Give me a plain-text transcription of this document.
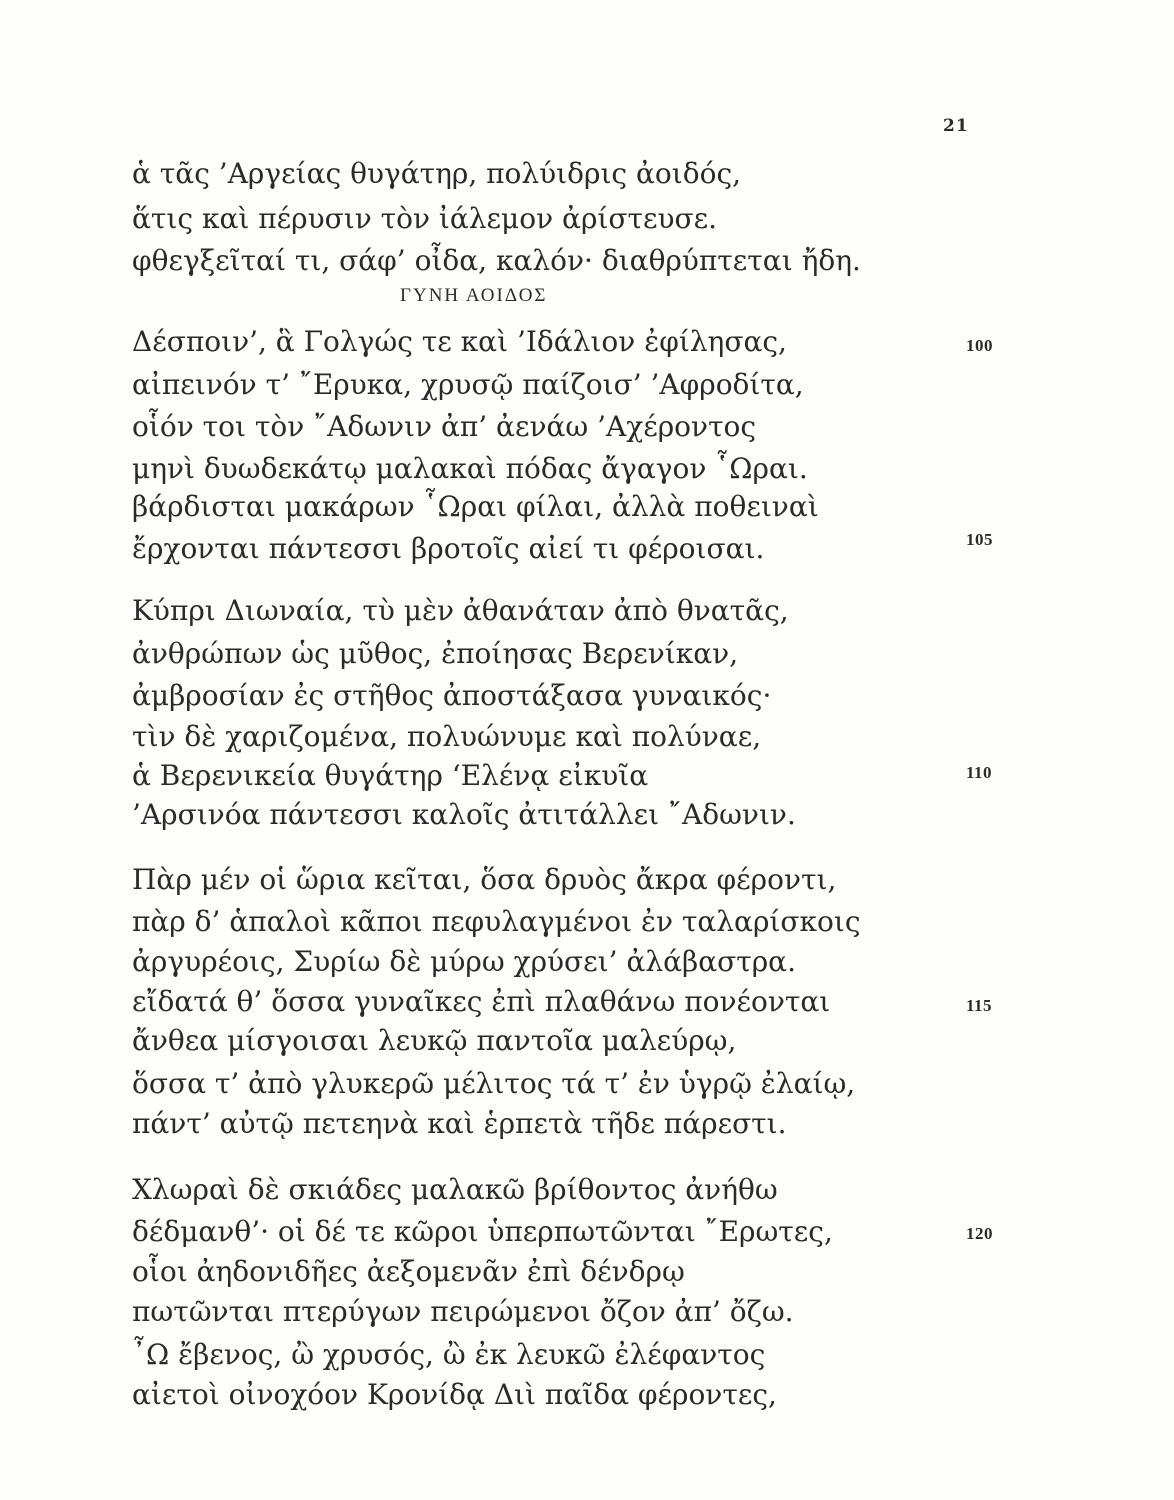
21
ἁ τᾶς ’Αργείας θυγάτηρ, πολύιδρις ἀοιδός,
ἅτις καὶ πέρυσιν τὸν ἰάλεμον ἀρίστευσε.
φθεγξεῖταί τι, σάφ’ οἶδα, καλόν· διαθρύπτεται ἤδη.
ΓΥΝΗ ΑΟΙΔΟΣ
Δέσποιν’, ἃ Γολγώς τε καὶ ’Ιδάλιον ἐφίλησας,
αἰπεινόν τ’ ῎Ερυκα, χρυσῷ παίζοισ’ ’Αφροδίτα,
οἷόν τοι τὸν ῎Αδωνιν ἀπ’ ἀενάω ’Αχέροντος
μηνὶ δυωδεκάτῳ μαλακαὶ πόδας ἄγαγον ῟Ωραι.
βάρδισται μακάρων ῟Ωραι φίλαι, ἀλλὰ ποθειναὶ
ἔρχονται πάντεσσι βροτοῖς αἰεί τι φέροισαι.
Κύπρι Διωναία, τὺ μὲν ἀθανάταν ἀπὸ θνατᾶς,
ἀνθρώπων ὡς μῦθος, ἐποίησας Βερενίκαν,
ἀμβροσίαν ἐς στῆθος ἀποστάξασα γυναικός·
τὶν δὲ χαριζομένα, πολυώνυμε καὶ πολύναε,
ἁ Βερενικεία θυγάτηρ ‘Ελένᾳ εἰκυῖα
’Αρσινόα πάντεσσι καλοῖς ἀτιτάλλει ῎Αδωνιν.
Πὰρ μέν οἱ ὥρια κεῖται, ὅσα δρυὸς ἄκρα φέροντι,
πὰρ δ’ ἁπαλοὶ κᾶποι πεφυλαγμένοι ἐν ταλαρίσκοις
ἀργυρέοις, Συρίω δὲ μύρω χρύσει’ ἀλάβαστρα.
εἴδατά θ’ ὅσσα γυναῖκες ἐπὶ πλαθάνω πονέονται
ἄνθεα μίσγοισαι λευκῷ παντοῖα μαλεύρῳ,
ὅσσα τ’ ἀπὸ γλυκερῶ μέλιτος τά τ’ ἐν ὑγρῷ ἐλαίῳ,
πάντ’ αὐτῷ πετεηνὰ καὶ ἑρπετὰ τῆδε πάρεστι.
Χλωραὶ δὲ σκιάδες μαλακῶ βρίθοντος ἀνήθω
δέδμανθ’· οἱ δέ τε κῶροι ὑπερπωτῶνται ῎Ερωτες,
οἷοι ἀηδονιδῆες ἀεξομενᾶν ἐπὶ δένδρῳ
πωτῶνται πτερύγων πειρώμενοι ὄζον ἀπ’ ὄζω.
῏Ω ἔβενος, ὢ χρυσός, ὢ ἐκ λευκῶ ἐλέφαντος
αἰετοὶ οἰνοχόον Κρονίδᾳ Διὶ παῖδα φέροντες,
100
105
110
115
120
